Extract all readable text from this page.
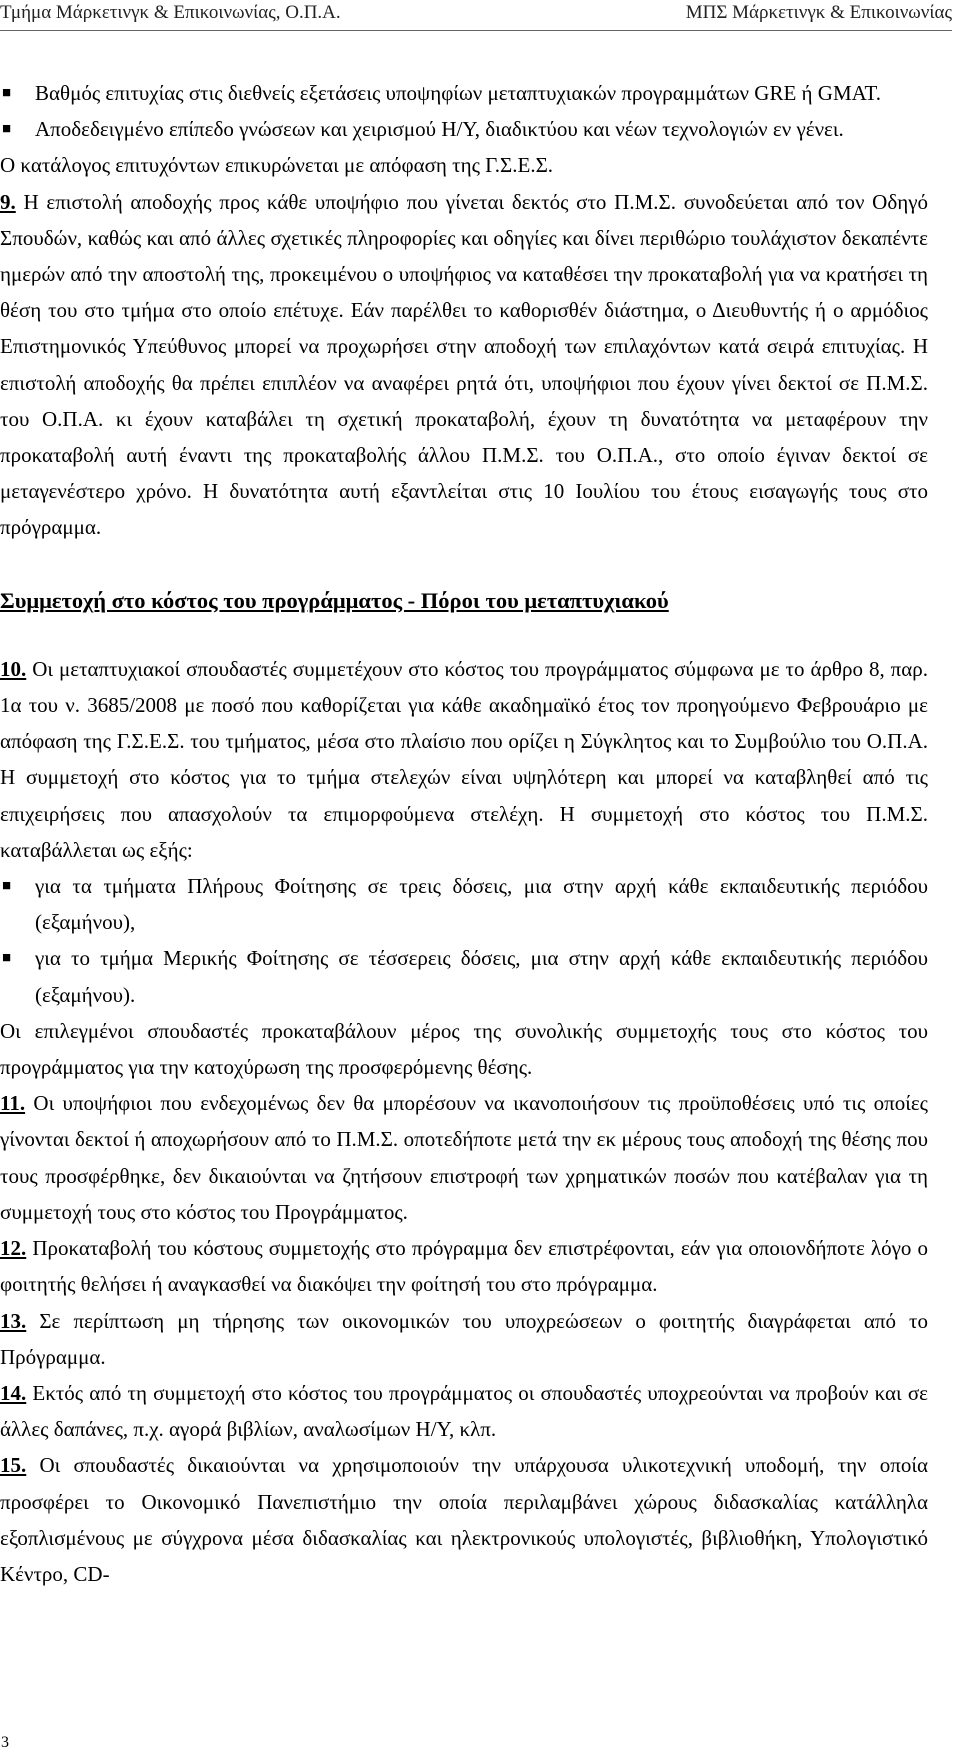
Τμήμα Μάρκετινγκ & Επικοινωνίας, Ο.Π.Α.	ΜΠΣ Μάρκετινγκ & Επικοινωνίας

■ Βαθμός επιτυχίας στις διεθνείς εξετάσεις υποψηφίων μεταπτυχιακών προγραμμάτων GRE ή GMAT.

■ Αποδεδειγμένο επίπεδο γνώσεων και χειρισμού Η/Υ, διαδικτύου και νέων τεχνολογιών εν γένει.

Ο κατάλογος επιτυχόντων επικυρώνεται με απόφαση της Γ.Σ.Ε.Σ.

9. Η επιστολή αποδοχής προς κάθε υποψήφιο που γίνεται δεκτός στο Π.Μ.Σ. συνοδεύεται από τον Οδηγό Σπουδών, καθώς και από άλλες σχετικές πληροφορίες και οδηγίες και δίνει περιθώριο τουλάχιστον δεκαπέντε ημερών από την αποστολή της, προκειμένου ο υποψήφιος να καταθέσει την προκαταβολή για να κρατήσει τη θέση του στο τμήμα στο οποίο επέτυχε. Εάν παρέλθει το καθορισθέν διάστημα, ο Διευθυντής ή ο αρμόδιος Επιστημονικός Υπεύθυνος μπορεί να προχωρήσει στην αποδοχή των επιλαχόντων κατά σειρά επιτυχίας. Η επιστολή αποδοχής θα πρέπει επιπλέον να αναφέρει ρητά ότι, υποψήφιοι που έχουν γίνει δεκτοί σε Π.Μ.Σ. του Ο.Π.Α. κι έχουν καταβάλει τη σχετική προκαταβολή, έχουν τη δυνατότητα να μεταφέρουν την προκαταβολή αυτή έναντι της προκαταβολής άλλου Π.Μ.Σ. του Ο.Π.Α., στο οποίο έγιναν δεκτοί σε μεταγενέστερο χρόνο. Η δυνατότητα αυτή εξαντλείται στις 10 Ιουλίου του έτους εισαγωγής τους στο πρόγραμμα.

Συμμετοχή στο κόστος του προγράμματος - Πόροι του μεταπτυχιακού

10. Οι μεταπτυχιακοί σπουδαστές συμμετέχουν στο κόστος του προγράμματος σύμφωνα με το άρθρο 8, παρ. 1α του ν. 3685/2008 με ποσό που καθορίζεται για κάθε ακαδημαϊκό έτος τον προηγούμενο Φεβρουάριο με απόφαση της Γ.Σ.Ε.Σ. του τμήματος, μέσα στο πλαίσιο που ορίζει η Σύγκλητος και το Συμβούλιο του Ο.Π.Α. Η συμμετοχή στο κόστος για το τμήμα στελεχών είναι υψηλότερη και μπορεί να καταβληθεί από τις επιχειρήσεις που απασχολούν τα επιμορφούμενα στελέχη. Η συμμετοχή στο κόστος του Π.Μ.Σ. καταβάλλεται ως εξής:

■ για τα τμήματα Πλήρους Φοίτησης σε τρεις δόσεις, μια στην αρχή κάθε εκπαιδευτικής περιόδου (εξαμήνου),

■ για το τμήμα Μερικής Φοίτησης σε τέσσερεις δόσεις, μια στην αρχή κάθε εκπαιδευτικής περιόδου (εξαμήνου).

Οι επιλεγμένοι σπουδαστές προκαταβάλουν μέρος της συνολικής συμμετοχής τους στο κόστος του προγράμματος για την κατοχύρωση της προσφερόμενης θέσης.

11. Οι υποψήφιοι που ενδεχομένως δεν θα μπορέσουν να ικανοποιήσουν τις προϋποθέσεις υπό τις οποίες γίνονται δεκτοί ή αποχωρήσουν από το Π.Μ.Σ. οποτεδήποτε μετά την εκ μέρους τους αποδοχή της θέσης που τους προσφέρθηκε, δεν δικαιούνται να ζητήσουν επιστροφή των χρηματικών ποσών που κατέβαλαν για τη συμμετοχή τους στο κόστος του Προγράμματος.

12. Προκαταβολή του κόστους συμμετοχής στο πρόγραμμα δεν επιστρέφονται, εάν για οποιονδήποτε λόγο ο φοιτητής θελήσει ή αναγκασθεί να διακόψει την φοίτησή του στο πρόγραμμα.

13. Σε περίπτωση μη τήρησης των οικονομικών του υποχρεώσεων ο φοιτητής διαγράφεται από το Πρόγραμμα.

14. Εκτός από τη συμμετοχή στο κόστος του προγράμματος οι σπουδαστές υποχρεούνται να προβούν και σε άλλες δαπάνες, π.χ. αγορά βιβλίων, αναλωσίμων Η/Υ, κλπ.

15. Οι σπουδαστές δικαιούνται να χρησιμοποιούν την υπάρχουσα υλικοτεχνική υποδομή, την οποία προσφέρει το Οικονομικό Πανεπιστήμιο την οποία περιλαμβάνει χώρους διδασκαλίας κατάλληλα εξοπλισμένους με σύγχρονα μέσα διδασκαλίας και ηλεκτρονικούς υπολογιστές, βιβλιοθήκη, Υπολογιστικό Κέντρο, CD-

3
